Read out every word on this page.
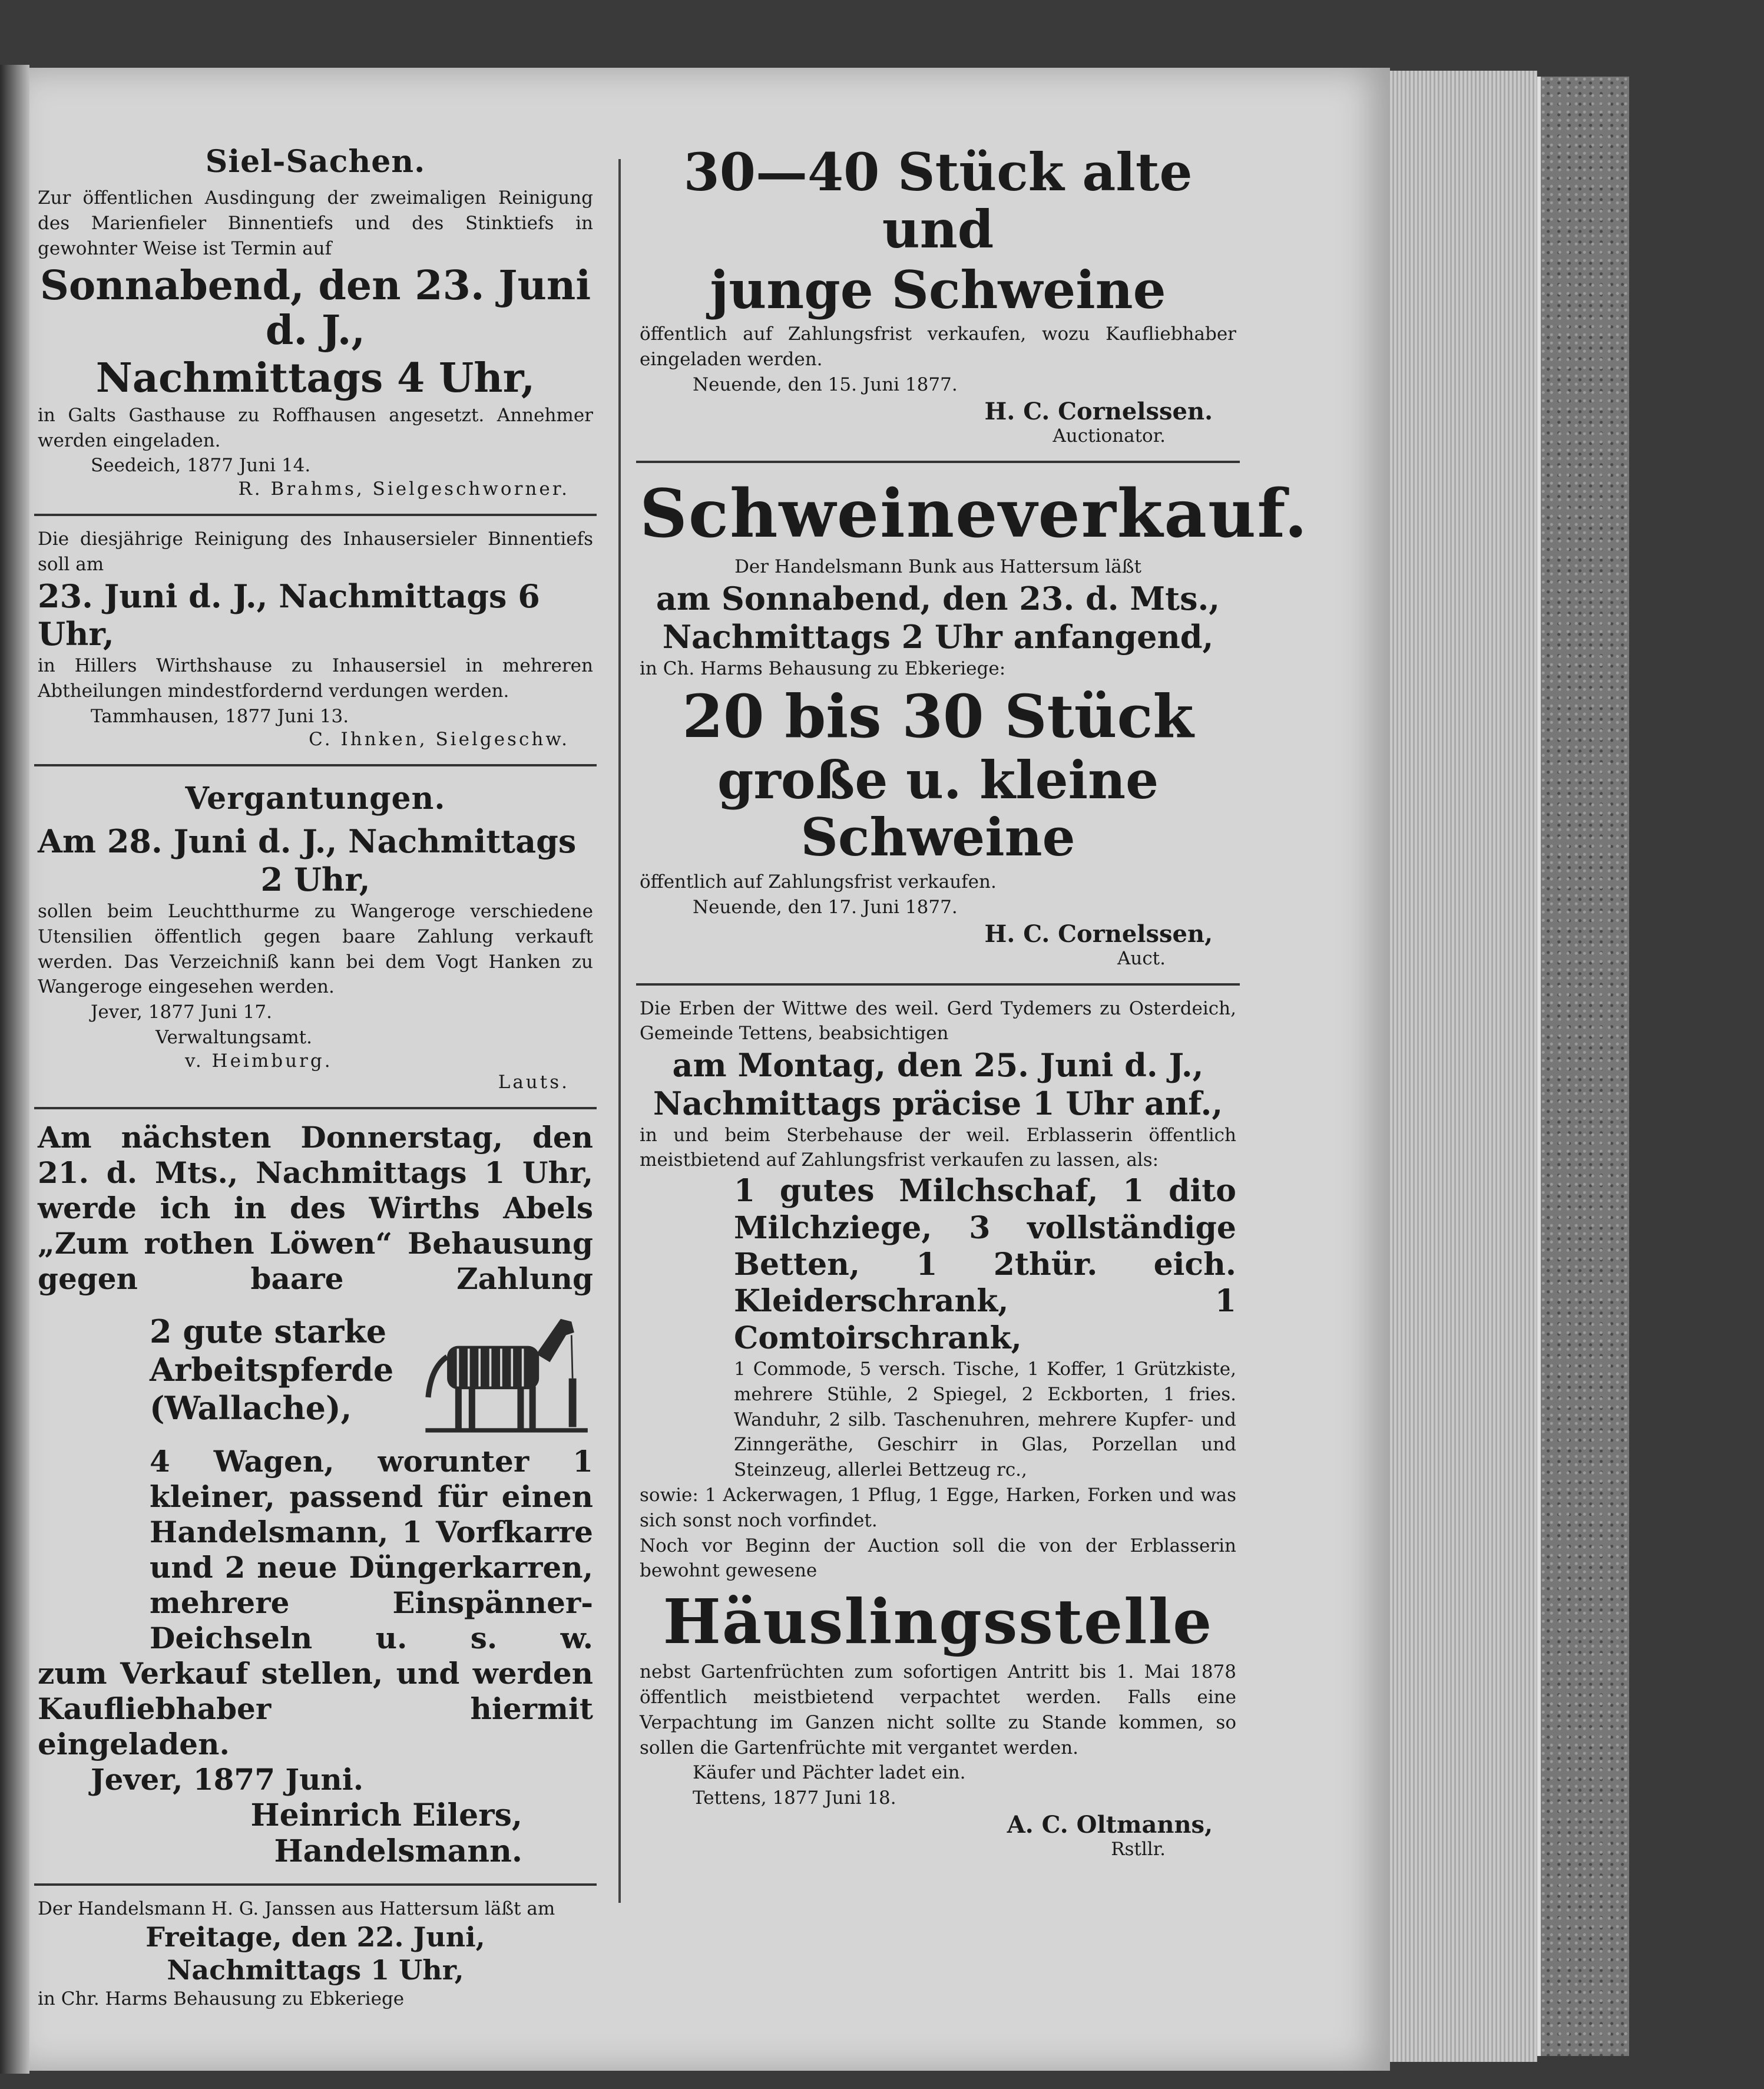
Siel-Sachen.
Zur öffentlichen Ausdingung der zweimaligen Reinigung des Marienfieler Binnentiefs und des Stinktiefs in gewohnter Weise ist Termin auf
Sonnabend, den 23. Juni d. J.,
Nachmittags 4 Uhr,
in Galts Gasthause zu Roffhausen angesetzt. Annehmer werden eingeladen.
Seedeich, 1877 Juni 14.
R. Brahms, Sielgeschworner.
Die diesjährige Reinigung des Inhausersieler Binnentiefs soll am
23. Juni d. J., Nachmittags 6 Uhr,
in Hillers Wirthshause zu Inhausersiel in mehreren Abtheilungen mindestfordernd verdungen werden.
Tammhausen, 1877 Juni 13.
C. Ihnken, Sielgeschw.
Vergantungen.
Am 28. Juni d. J., Nachmittags
2 Uhr,
sollen beim Leuchtthurme zu Wangeroge verschiedene Utensilien öffentlich gegen baare Zahlung verkauft werden. Das Verzeichniß kann bei dem Vogt Hanken zu Wangeroge eingesehen werden.
Jever, 1877 Juni 17.
Verwaltungsamt.
v. Heimburg.
Lauts.
Am nächsten Donnerstag, den 21. d. Mts., Nachmittags 1 Uhr, werde ich in des Wirths Abels „Zum rothen Löwen“ Behausung gegen baare Zahlung
2 gute starke Arbeitspferde (Wallache),
4 Wagen, worunter 1 kleiner, passend für einen Handelsmann, 1 Vorfkarre und 2 neue Düngerkarren, mehrere Einspänner-Deichseln u. s. w.
zum Verkauf stellen, und werden Kaufliebhaber hiermit eingeladen.
Jever, 1877 Juni.
Heinrich Eilers,
Handelsmann.
Der Handelsmann H. G. Janssen aus Hattersum läßt am
Freitage, den 22. Juni,
Nachmittags 1 Uhr,
in Chr. Harms Behausung zu Ebkeriege
30—40 Stück alte und
junge Schweine
öffentlich auf Zahlungsfrist verkaufen, wozu Kaufliebhaber eingeladen werden.
Neuende, den 15. Juni 1877.
H. C. Cornelssen.
Auctionator.
Schweineverkauf.
Der Handelsmann Bunk aus Hattersum läßt
am Sonnabend, den 23. d. Mts.,
Nachmittags 2 Uhr anfangend,
in Ch. Harms Behausung zu Ebkeriege:
20 bis 30 Stück
große u. kleine Schweine
öffentlich auf Zahlungsfrist verkaufen.
Neuende, den 17. Juni 1877.
H. C. Cornelssen,
Auct.
Die Erben der Wittwe des weil. Gerd Tydemers zu Osterdeich, Gemeinde Tettens, beabsichtigen
am Montag, den 25. Juni d. J.,
Nachmittags präcise 1 Uhr anf.,
in und beim Sterbehause der weil. Erblasserin öffentlich meistbietend auf Zahlungsfrist verkaufen zu lassen, als:
1 gutes Milchschaf, 1 dito Milchziege, 3 vollständige Betten, 1 2thür. eich. Kleiderschrank, 1 Comtoirschrank,
1 Commode, 5 versch. Tische, 1 Koffer, 1 Grützkiste, mehrere Stühle, 2 Spiegel, 2 Eckborten, 1 fries. Wanduhr, 2 silb. Taschenuhren, mehrere Kupfer- und Zinngeräthe, Geschirr in Glas, Porzellan und Steinzeug, allerlei Bettzeug rc.,
sowie: 1 Ackerwagen, 1 Pflug, 1 Egge, Harken, Forken und was sich sonst noch vorfindet.
Noch vor Beginn der Auction soll die von der Erblasserin bewohnt gewesene
Häuslingsstelle
nebst Gartenfrüchten zum sofortigen Antritt bis 1. Mai 1878 öffentlich meistbietend verpachtet werden. Falls eine Verpachtung im Ganzen nicht sollte zu Stande kommen, so sollen die Gartenfrüchte mit vergantet werden.
Käufer und Pächter ladet ein.
Tettens, 1877 Juni 18.
A. C. Oltmanns,
Rstllr.
